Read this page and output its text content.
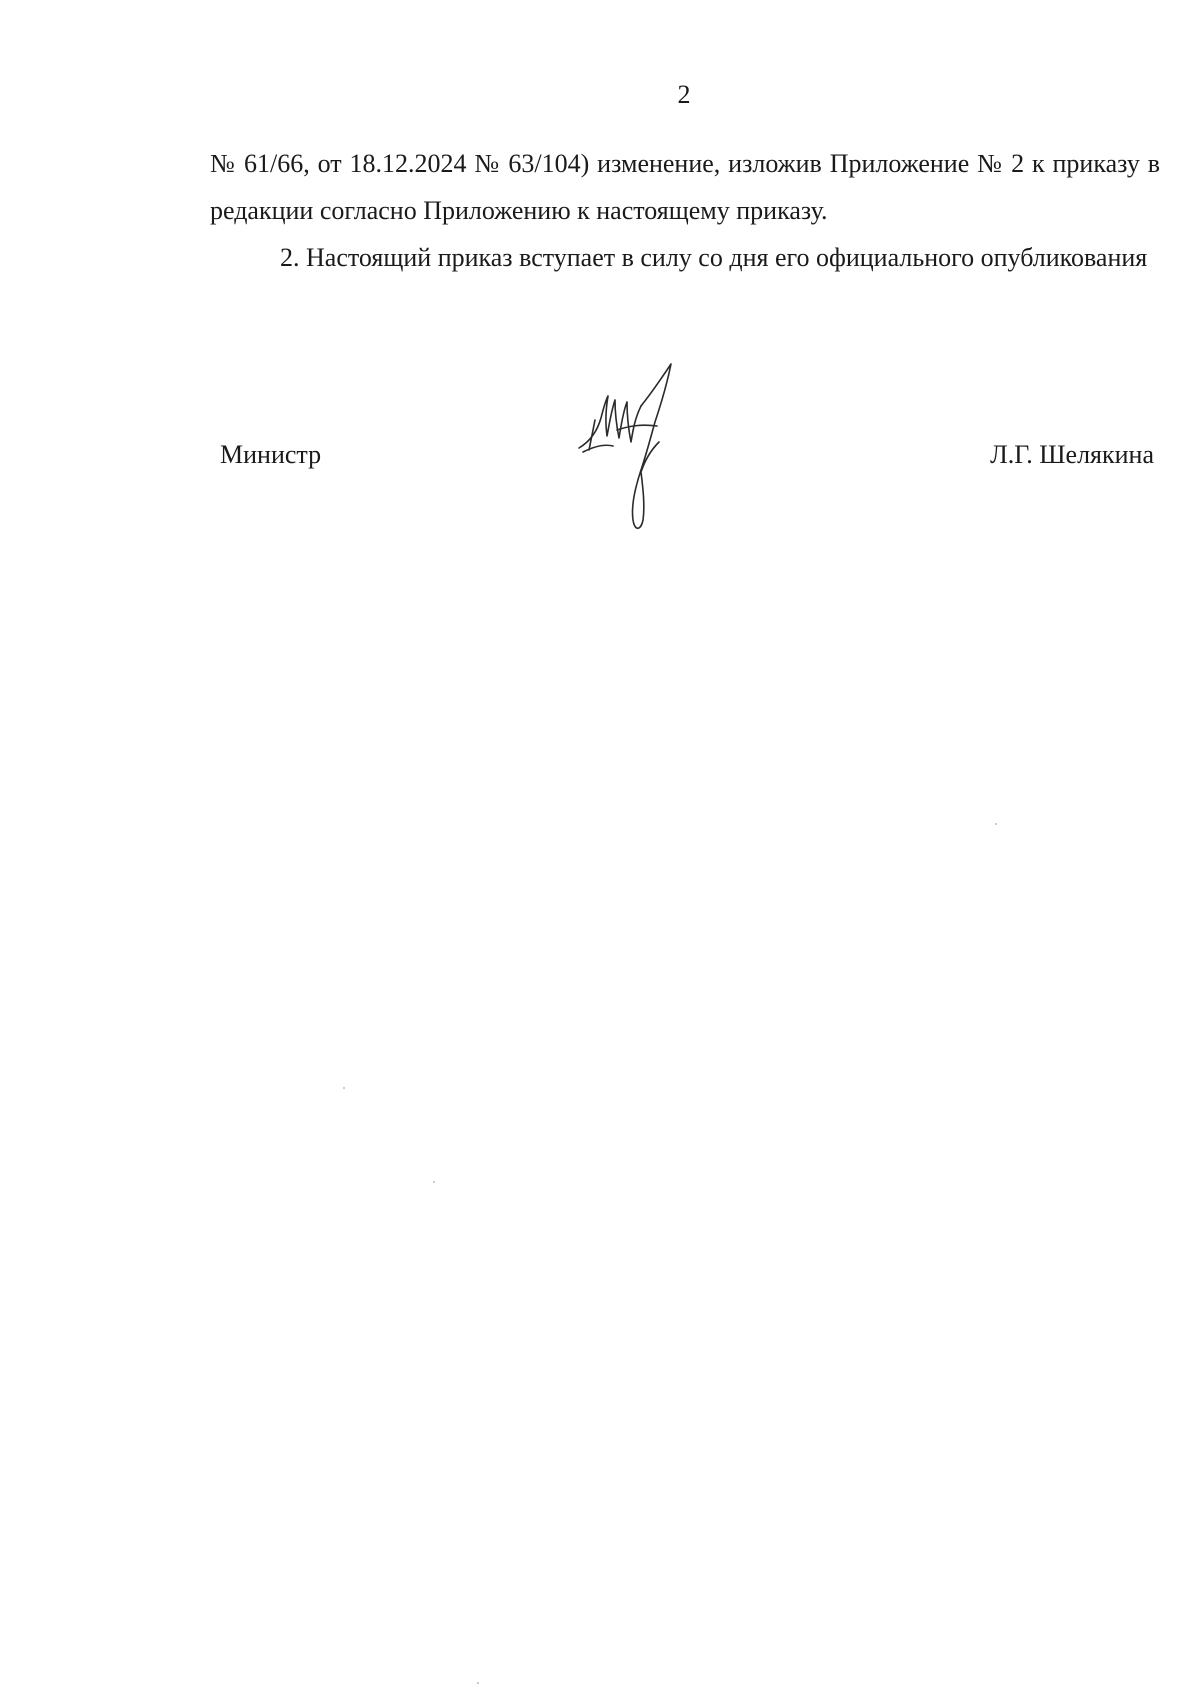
2

№ 61/66, от 18.12.2024 № 63/104) изменение, изложив Приложение № 2 к приказу в редакции согласно Приложению к настоящему приказу.

2. Настоящий приказ вступает в силу со дня его официального опубликования

Министр	Л.Г. Шелякина
